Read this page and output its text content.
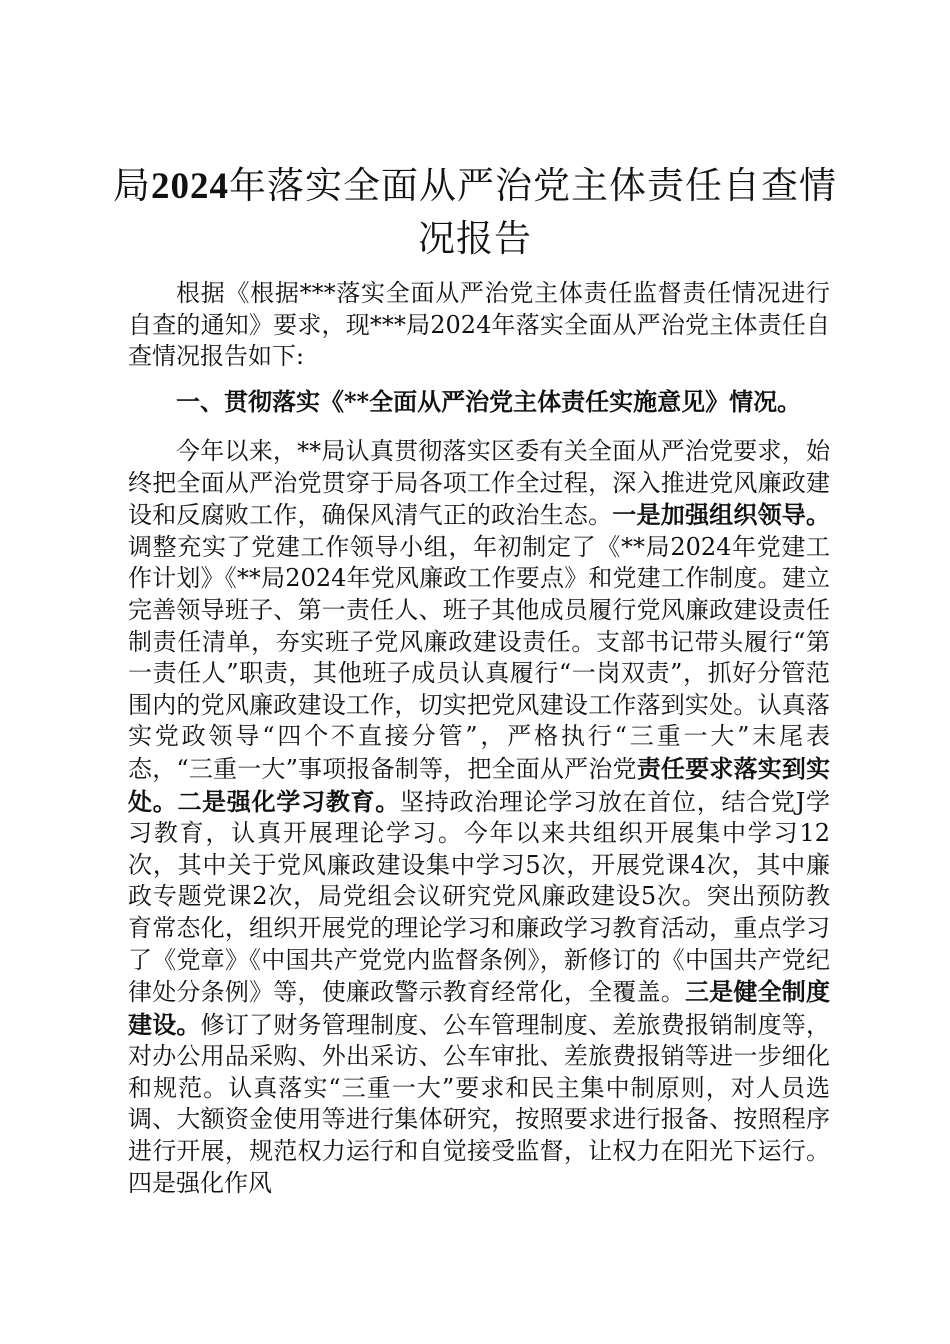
局2024年落实全面从严治党主体责任自查情况报告

根据《根据***落实全面从严治党主体责任监督责任情况进行自查的通知》要求，现***局2024年落实全面从严治党主体责任自查情况报告如下:

一、贯彻落实《**全面从严治党主体责任实施意见》情况。

今年以来，**局认真贯彻落实区委有关全面从严治党要求，始终把全面从严治党贯穿于局各项工作全过程，深入推进党风廉政建设和反腐败工作，确保风清气正的政治生态。一是加强组织领导。调整充实了党建工作领导小组，年初制定了《**局2024年党建工作计划》《**局2024年党风廉政工作要点》和党建工作制度。建立完善领导班子、第一责任人、班子其他成员履行党风廉政建设责任制责任清单，夯实班子党风廉政建设责任。支部书记带头履行“第一责任人”职责，其他班子成员认真履行“一岗双责”，抓好分管范围内的党风廉政建设工作，切实把党风建设工作落到实处。认真落实党政领导“四个不直接分管”，严格执行“三重一大”末尾表态，“三重一大”事项报备制等，把全面从严治党责任要求落实到实处。二是强化学习教育。坚持政治理论学习放在首位，结合党J学习教育，认真开展理论学习。今年以来共组织开展集中学习12次，其中关于党风廉政建设集中学习5次，开展党课4次，其中廉政专题党课2次，局党组会议研究党风廉政建设5次。突出预防教育常态化，组织开展党的理论学习和廉政学习教育活动，重点学习了《党章》《中国共产党党内监督条例》，新修订的《中国共产党纪律处分条例》等，使廉政警示教育经常化，全覆盖。三是健全制度建设。修订了财务管理制度、公车管理制度、差旅费报销制度等，对办公用品采购、外出采访、公车审批、差旅费报销等进一步细化和规范。认真落实“三重一大”要求和民主集中制原则，对人员选调、大额资金使用等进行集体研究，按照要求进行报备、按照程序进行开展，规范权力运行和自觉接受监督，让权力在阳光下运行。四是强化作风
